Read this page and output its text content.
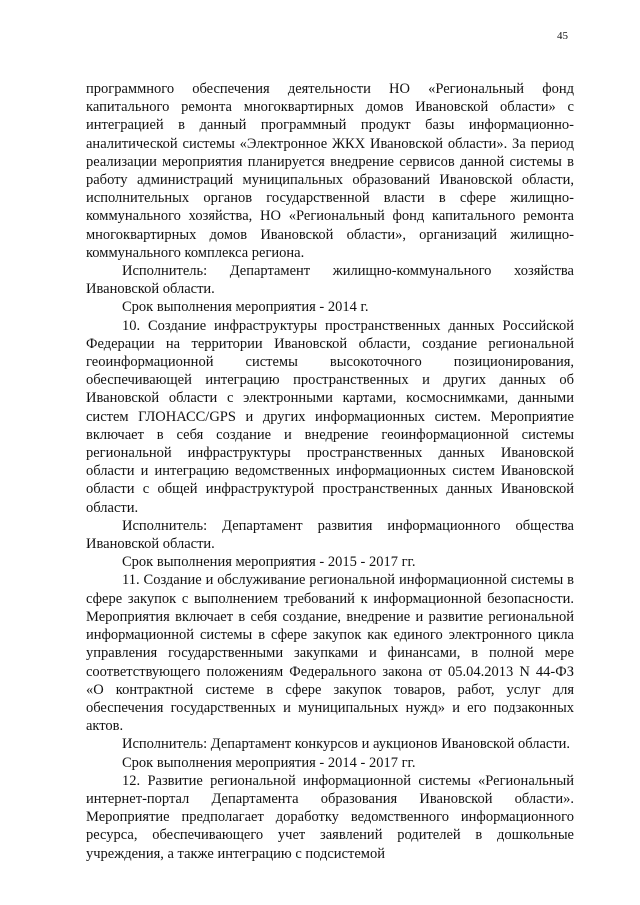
45

программного обеспечения деятельности НО «Региональный фонд капитального ремонта многоквартирных домов Ивановской области» с интеграцией в данный программный продукт базы информационно-аналитической системы «Электронное ЖКХ Ивановской области». За период реализации мероприятия планируется внедрение сервисов данной системы в работу администраций муниципальных образований Ивановской области, исполнительных органов государственной власти в сфере жилищно-коммунального хозяйства, НО «Региональный фонд капитального ремонта многоквартирных домов Ивановской области», организаций жилищно-коммунального комплекса региона.

Исполнитель: Департамент жилищно-коммунального хозяйства Ивановской области.

Срок выполнения мероприятия - 2014 г.

10. Создание инфраструктуры пространственных данных Российской Федерации на территории Ивановской области, создание региональной геоинформационной системы высокоточного позиционирования, обеспечивающей интеграцию пространственных и других данных об Ивановской области с электронными картами, космоснимками, данными систем ГЛОНАСС/GPS и других информационных систем. Мероприятие включает в себя создание и внедрение геоинформационной системы региональной инфраструктуры пространственных данных Ивановской области и интеграцию ведомственных информационных систем Ивановской области с общей инфраструктурой пространственных данных Ивановской области.

Исполнитель: Департамент развития информационного общества Ивановской области.

Срок выполнения мероприятия - 2015 - 2017 гг.

11. Создание и обслуживание региональной информационной системы в сфере закупок с выполнением требований к информационной безопасности. Мероприятия включает в себя создание, внедрение и развитие региональной информационной системы в сфере закупок как единого электронного цикла управления государственными закупками и финансами, в полной мере соответствующего положениям Федерального закона от 05.04.2013 N 44-ФЗ «О контрактной системе в сфере закупок товаров, работ, услуг для обеспечения государственных и муниципальных нужд» и его подзаконных актов.

Исполнитель: Департамент конкурсов и аукционов Ивановской области.

Срок выполнения мероприятия - 2014 - 2017 гг.

12. Развитие региональной информационной системы «Региональный интернет-портал Департамента образования Ивановской области». Мероприятие предполагает доработку ведомственного информационного ресурса, обеспечивающего учет заявлений родителей в дошкольные учреждения, а также интеграцию с подсистемой
